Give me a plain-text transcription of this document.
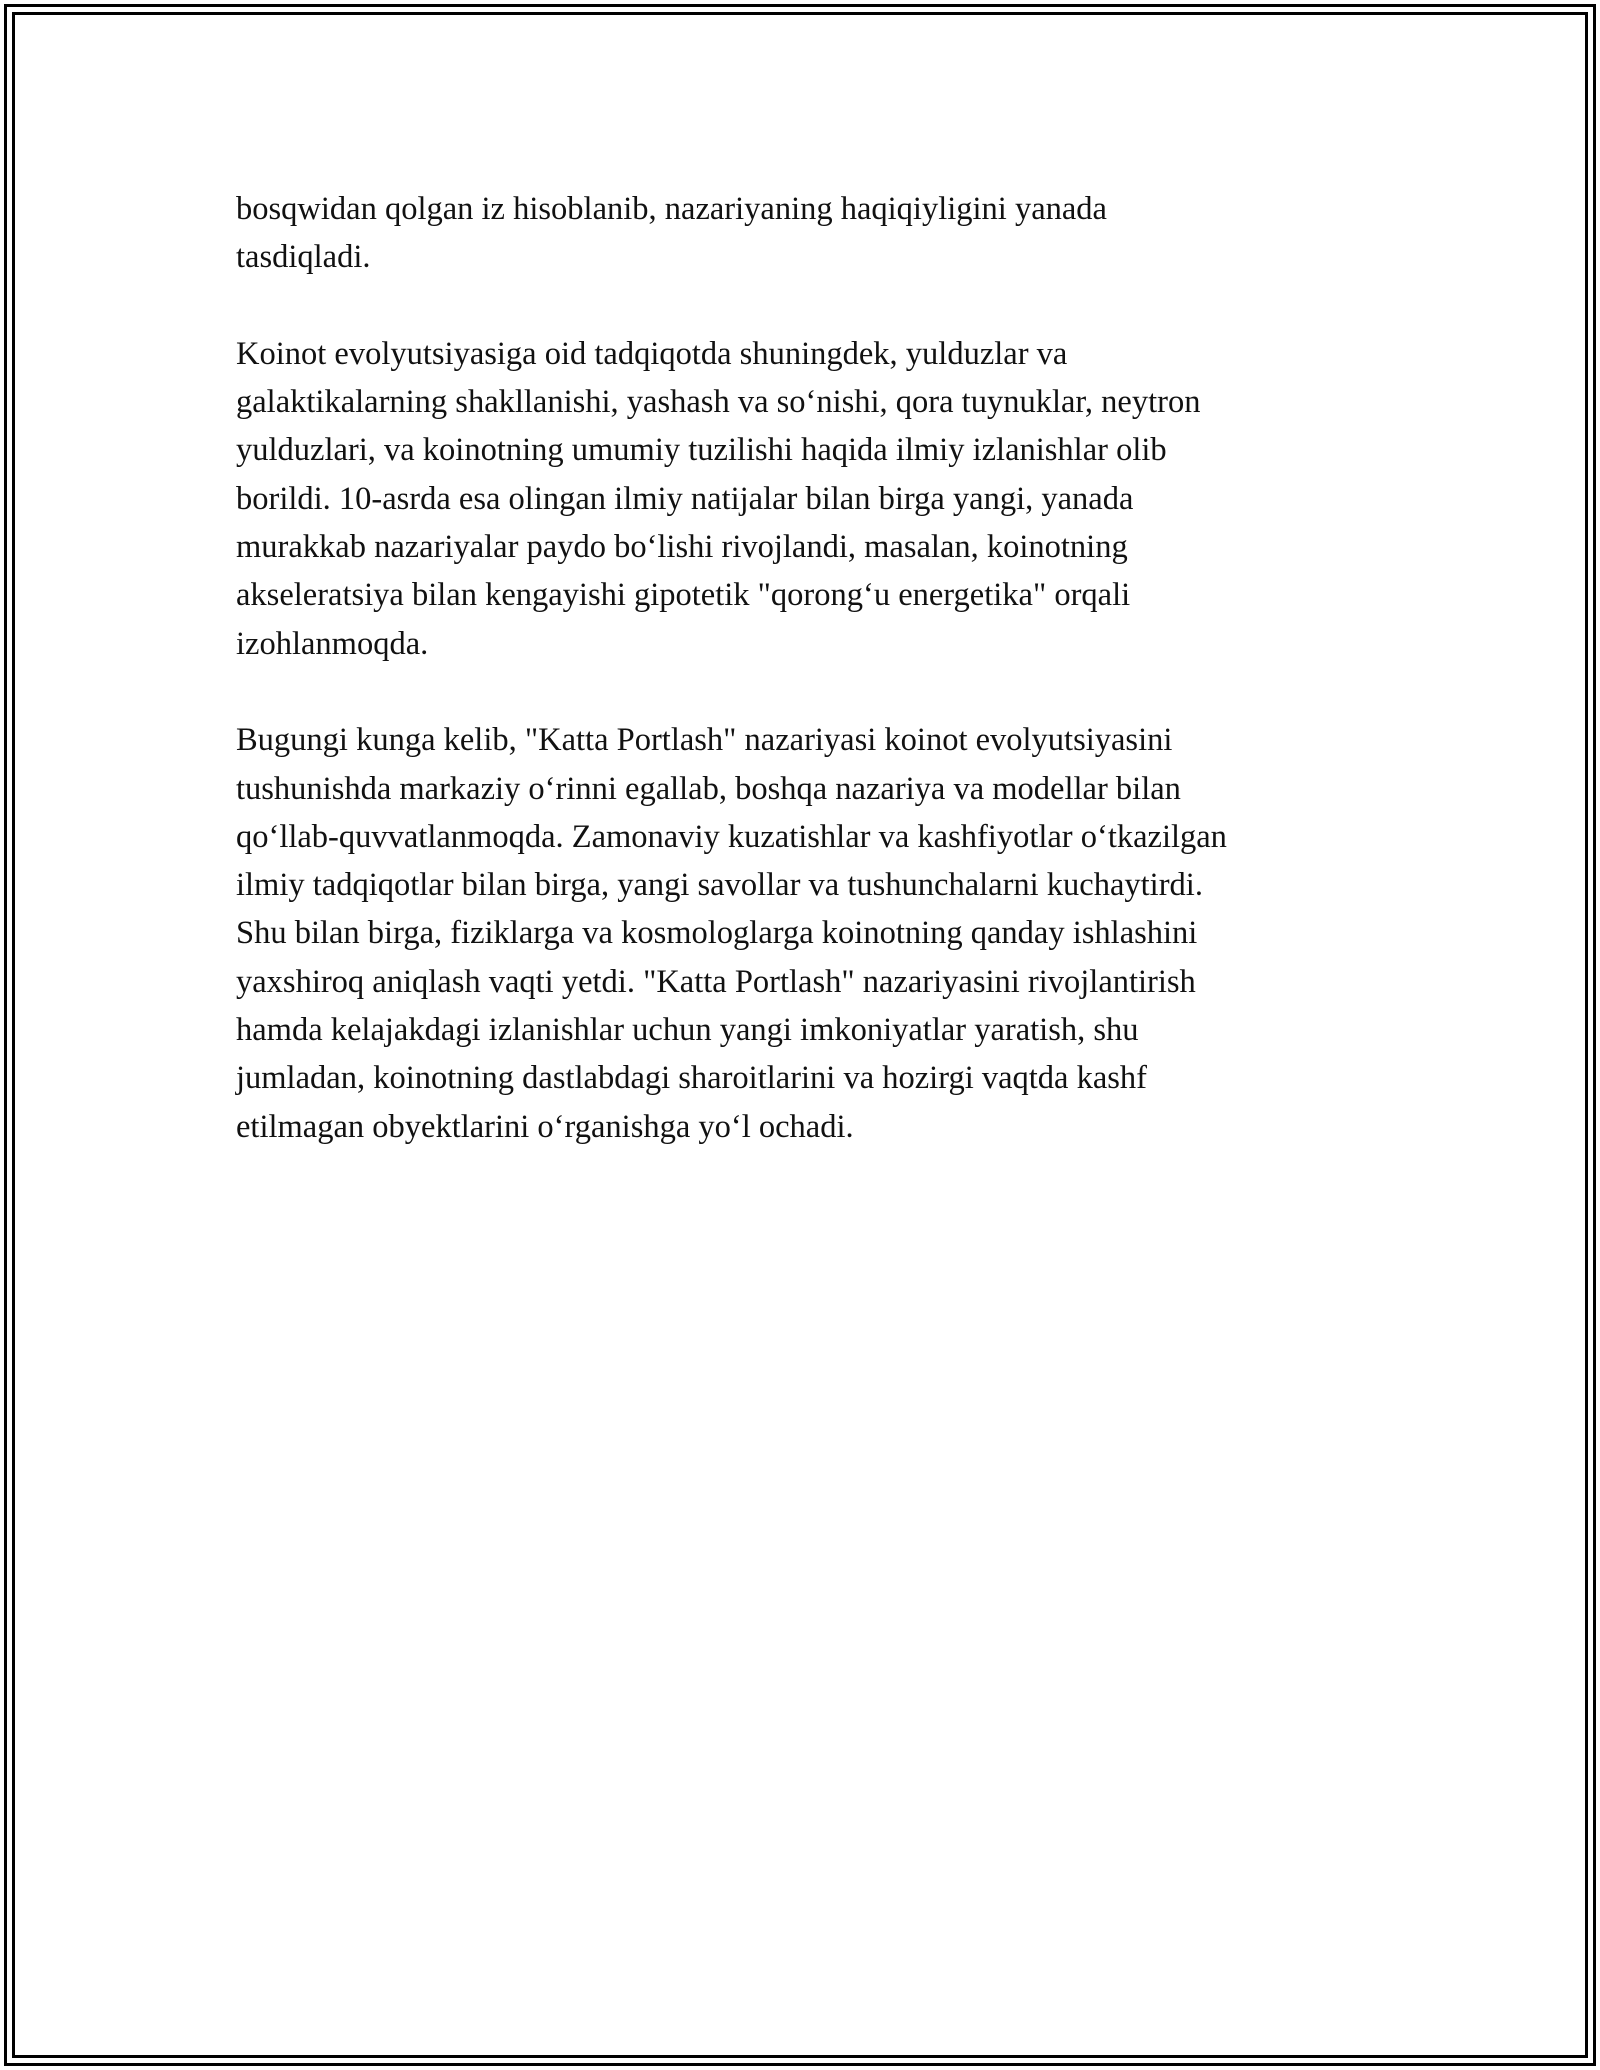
bosqwidan qolgan iz hisoblanib, nazariyaning haqiqiyligini yanada
tasdiqladi.

Koinot evolyutsiyasiga oid tadqiqotda shuningdek, yulduzlar va
galaktikalarning shakllanishi, yashash va so‘nishi, qora tuynuklar, neytron
yulduzlari, va koinotning umumiy tuzilishi haqida ilmiy izlanishlar olib
borildi. 10-asrda esa olingan ilmiy natijalar bilan birga yangi, yanada
murakkab nazariyalar paydo bo‘lishi rivojlandi, masalan, koinotning
akseleratsiya bilan kengayishi gipotetik "qorong‘u energetika" orqali
izohlanmoqda.

Bugungi kunga kelib, "Katta Portlash" nazariyasi koinot evolyutsiyasini
tushunishda markaziy o‘rinni egallab, boshqa nazariya va modellar bilan
qo‘llab-quvvatlanmoqda. Zamonaviy kuzatishlar va kashfiyotlar o‘tkazilgan
ilmiy tadqiqotlar bilan birga, yangi savollar va tushunchalarni kuchaytirdi.
Shu bilan birga, fiziklarga va kosmologlarga koinotning qanday ishlashini
yaxshiroq aniqlash vaqti yetdi. "Katta Portlash" nazariyasini rivojlantirish
hamda kelajakdagi izlanishlar uchun yangi imkoniyatlar yaratish, shu
jumladan, koinotning dastlabdagi sharoitlarini va hozirgi vaqtda kashf
etilmagan obyektlarini o‘rganishga yo‘l ochadi.
